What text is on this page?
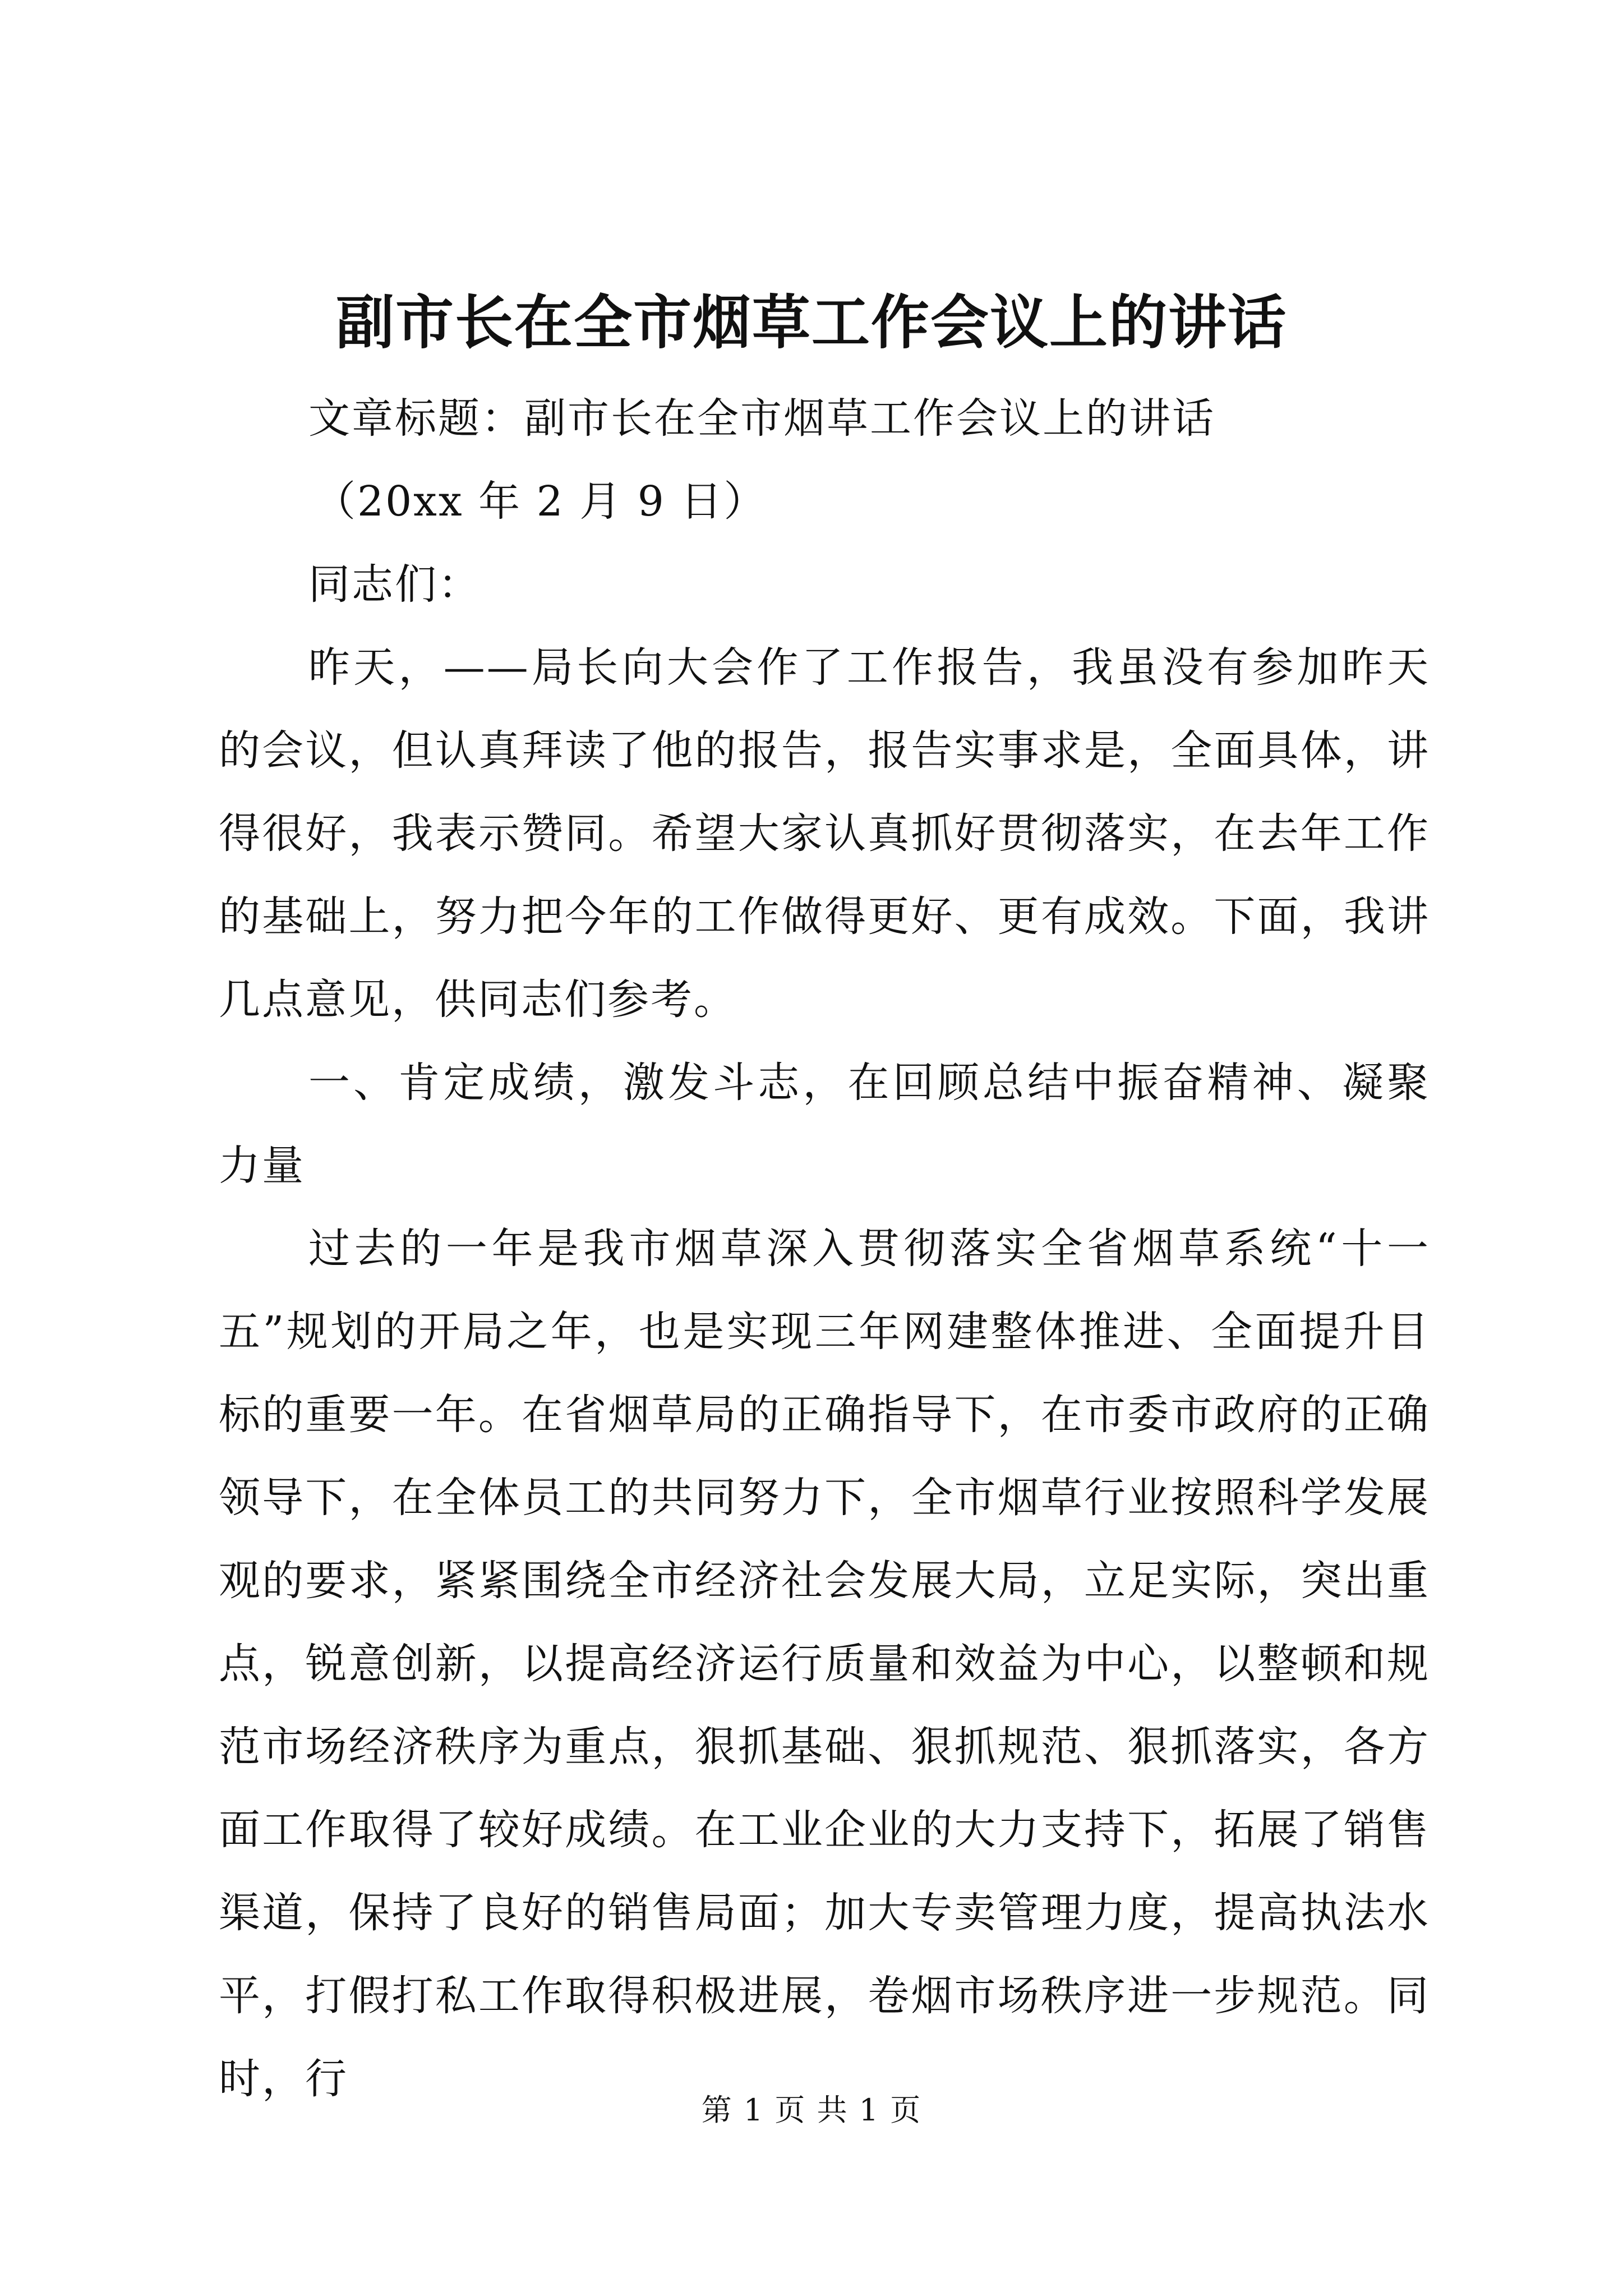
副市长在全市烟草工作会议上的讲话

文章标题：副市长在全市烟草工作会议上的讲话

（20xx 年 2 月 9 日）

同志们：

昨天，——局长向大会作了工作报告，我虽没有参加昨天的会议，但认真拜读了他的报告，报告实事求是，全面具体，讲得很好，我表示赞同。希望大家认真抓好贯彻落实，在去年工作的基础上，努力把今年的工作做得更好、更有成效。下面，我讲几点意见，供同志们参考。

一、肯定成绩，激发斗志，在回顾总结中振奋精神、凝聚力量

过去的一年是我市烟草深入贯彻落实全省烟草系统“十一五”规划的开局之年，也是实现三年网建整体推进、全面提升目标的重要一年。在省烟草局的正确指导下，在市委市政府的正确领导下，在全体员工的共同努力下，全市烟草行业按照科学发展观的要求，紧紧围绕全市经济社会发展大局，立足实际，突出重点，锐意创新，以提高经济运行质量和效益为中心，以整顿和规范市场经济秩序为重点，狠抓基础、狠抓规范、狠抓落实，各方面工作取得了较好成绩。在工业企业的大力支持下，拓展了销售渠道，保持了良好的销售局面；加大专卖管理力度，提高执法水平，打假打私工作取得积极进展，卷烟市场秩序进一步规范。同时，行

第 1 页 共 1 页
